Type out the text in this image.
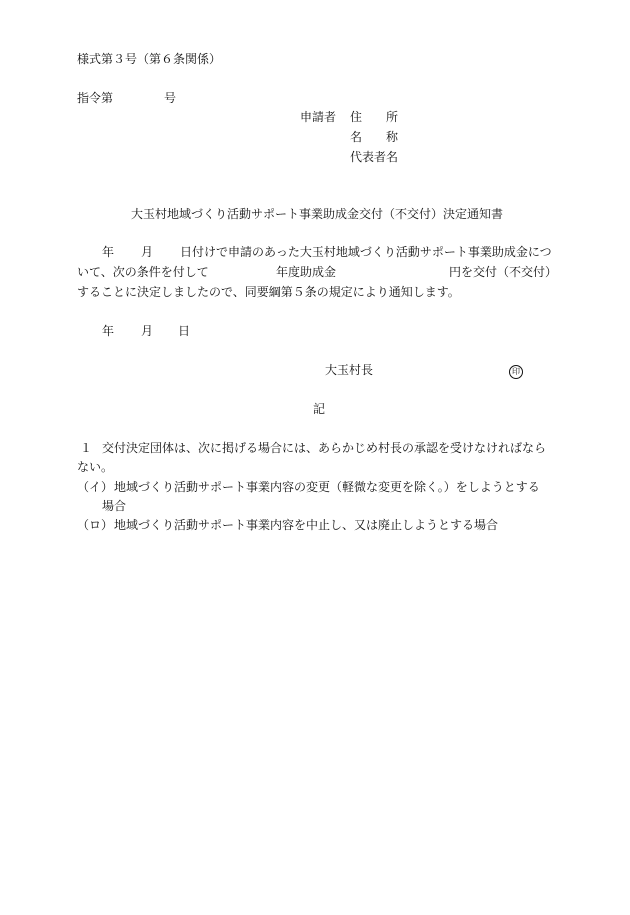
様式第３号（第６条関係）
指令第	号
申請者 住　　所
名　　称
代表者名
大玉村地域づくり活動サポート事業助成金交付（不交付）決定通知書
年 月 日付けで申請のあった大玉村地域づくり活動サポート事業助成金につ
いて、次の条件を付して	年度助成金	円を交付（不交付）
することに決定しましたので、同要綱第５条の規定により通知します。
年 月 日
大玉村長	印
記
１ 交付決定団体は、次に掲げる場合には、あらかじめ村長の承認を受けなければなら
ない。
（イ） 地域づくり活動サポート事業内容の変更（軽微な変更を除く。）をしようとする
場合
（ロ） 地域づくり活動サポート事業内容を中止し、又は廃止しようとする場合
